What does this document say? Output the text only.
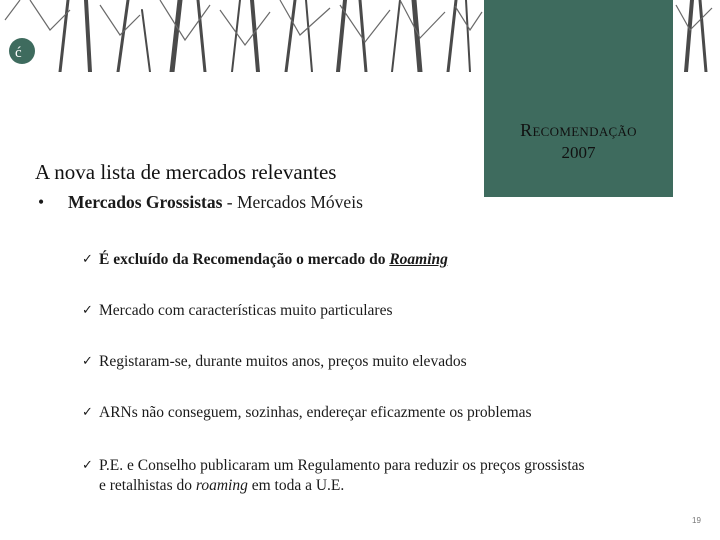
ć
RECOMENDAÇÃO
2007
A nova lista de mercados relevantes
• Mercados Grossistas - Mercados Móveis
✓ É excluído da Recomendação o mercado do Roaming
✓ Mercado com características muito particulares
✓ Registaram-se, durante muitos anos, preços muito elevados
✓ ARNs não conseguem, sozinhas, endereçar eficazmente os problemas
✓ P.E. e Conselho publicaram um Regulamento para reduzir os preços grossistas
e retalhistas do roaming em toda a U.E.
19
